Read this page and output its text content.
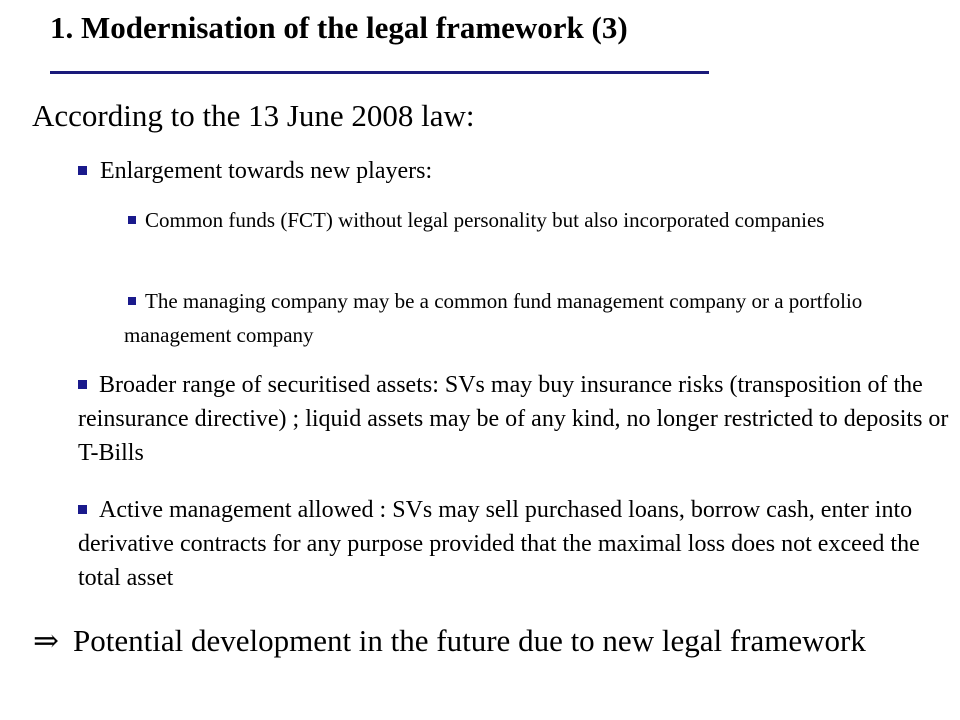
1. Modernisation of the legal framework (3)
According to the 13 June 2008 law:
Enlargement towards new players:
Common funds (FCT) without legal personality but also incorporated companies
The managing company may be a common fund management company or a portfolio management company
Broader range of securitised assets: SVs may buy insurance risks (transposition of the reinsurance directive) ; liquid assets may be of any kind, no longer restricted to deposits or T-Bills
Active management allowed : SVs may sell purchased loans, borrow cash, enter into derivative contracts for any purpose provided that the maximal loss does not exceed the total asset
⇒ Potential development in the future due to new legal framework
